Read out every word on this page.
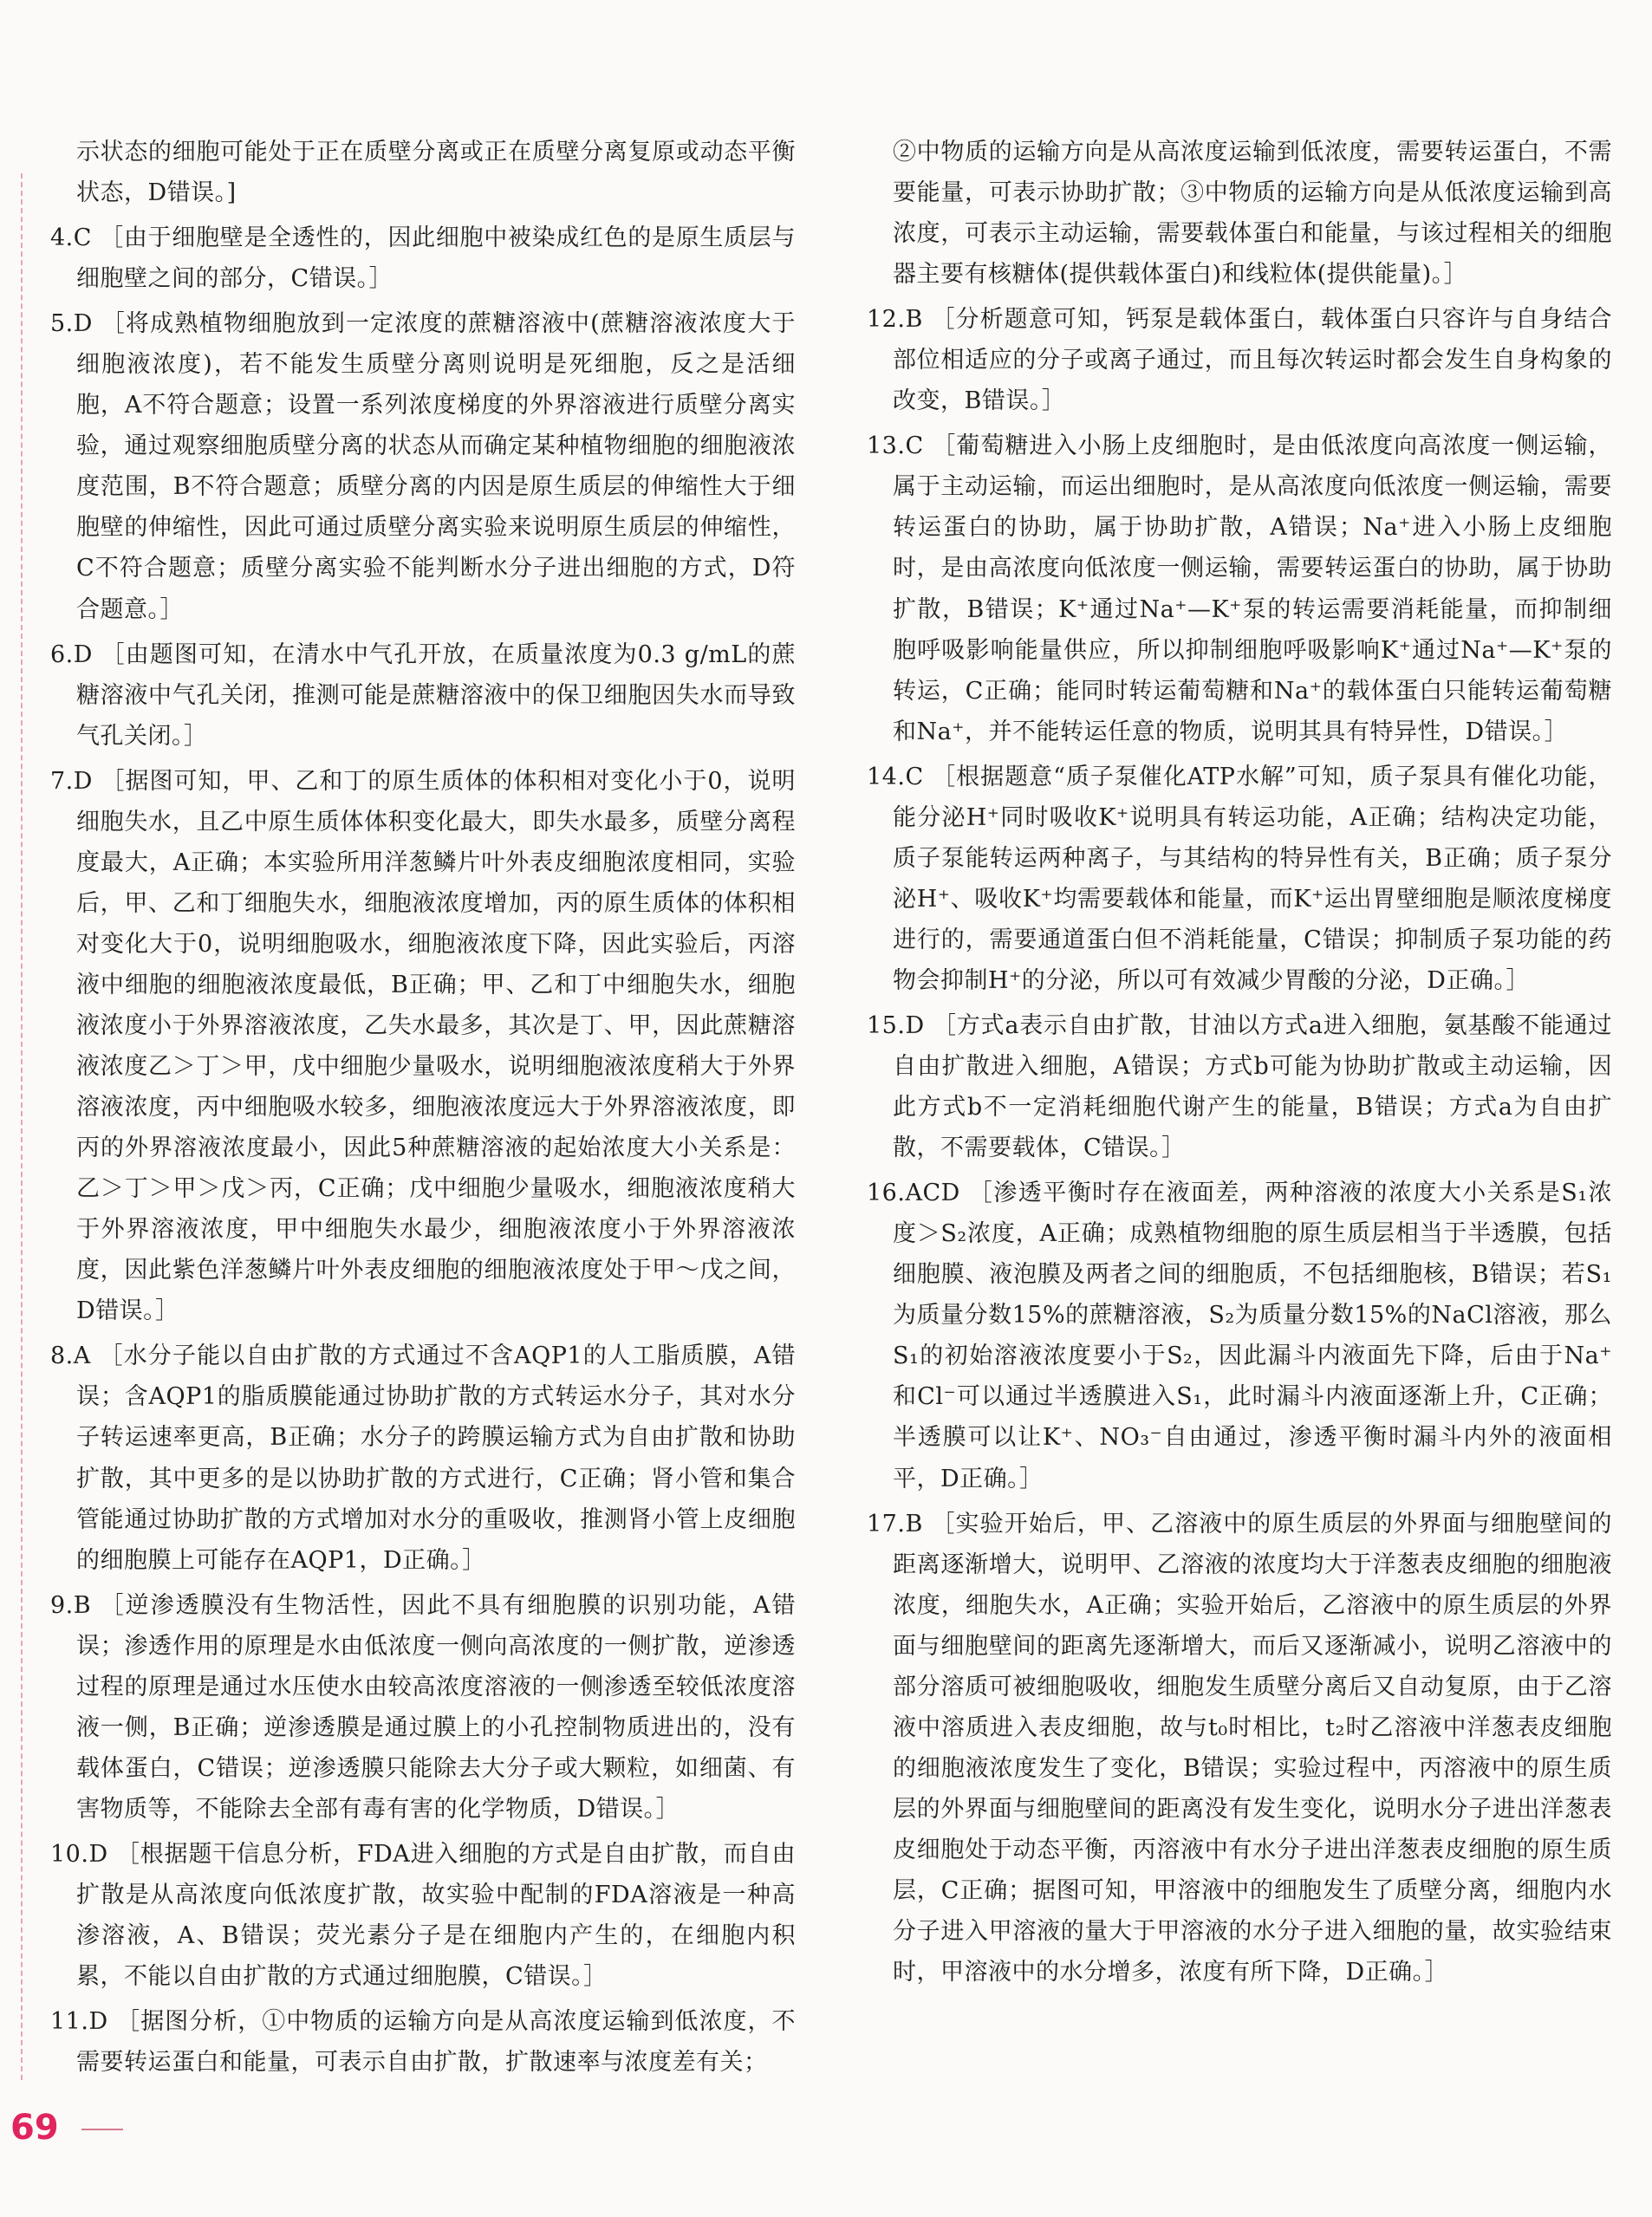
示状态的细胞可能处于正在质壁分离或正在质壁分离复原或动态平衡状态，D错误。]

4.C ［由于细胞壁是全透性的，因此细胞中被染成红色的是原生质层与细胞壁之间的部分，C错误。］

5.D ［将成熟植物细胞放到一定浓度的蔗糖溶液中(蔗糖溶液浓度大于细胞液浓度)，若不能发生质壁分离则说明是死细胞，反之是活细胞，A不符合题意；设置一系列浓度梯度的外界溶液进行质壁分离实验，通过观察细胞质壁分离的状态从而确定某种植物细胞的细胞液浓度范围，B不符合题意；质壁分离的内因是原生质层的伸缩性大于细胞壁的伸缩性，因此可通过质壁分离实验来说明原生质层的伸缩性，C不符合题意；质壁分离实验不能判断水分子进出细胞的方式，D符合题意。］

6.D ［由题图可知，在清水中气孔开放，在质量浓度为0.3 g/mL的蔗糖溶液中气孔关闭，推测可能是蔗糖溶液中的保卫细胞因失水而导致气孔关闭。］

7.D ［据图可知，甲、乙和丁的原生质体的体积相对变化小于0，说明细胞失水，且乙中原生质体体积变化最大，即失水最多，质壁分离程度最大，A正确；本实验所用洋葱鳞片叶外表皮细胞浓度相同，实验后，甲、乙和丁细胞失水，细胞液浓度增加，丙的原生质体的体积相对变化大于0，说明细胞吸水，细胞液浓度下降，因此实验后，丙溶液中细胞的细胞液浓度最低，B正确；甲、乙和丁中细胞失水，细胞液浓度小于外界溶液浓度，乙失水最多，其次是丁、甲，因此蔗糖溶液浓度乙＞丁＞甲，戊中细胞少量吸水，说明细胞液浓度稍大于外界溶液浓度，丙中细胞吸水较多，细胞液浓度远大于外界溶液浓度，即丙的外界溶液浓度最小，因此5种蔗糖溶液的起始浓度大小关系是：乙＞丁＞甲＞戊＞丙，C正确；戊中细胞少量吸水，细胞液浓度稍大于外界溶液浓度，甲中细胞失水最少，细胞液浓度小于外界溶液浓度，因此紫色洋葱鳞片叶外表皮细胞的细胞液浓度处于甲～戊之间，D错误。］

8.A ［水分子能以自由扩散的方式通过不含AQP1的人工脂质膜，A错误；含AQP1的脂质膜能通过协助扩散的方式转运水分子，其对水分子转运速率更高，B正确；水分子的跨膜运输方式为自由扩散和协助扩散，其中更多的是以协助扩散的方式进行，C正确；肾小管和集合管能通过协助扩散的方式增加对水分的重吸收，推测肾小管上皮细胞的细胞膜上可能存在AQP1，D正确。］

9.B ［逆渗透膜没有生物活性，因此不具有细胞膜的识别功能，A错误；渗透作用的原理是水由低浓度一侧向高浓度的一侧扩散，逆渗透过程的原理是通过水压使水由较高浓度溶液的一侧渗透至较低浓度溶液一侧，B正确；逆渗透膜是通过膜上的小孔控制物质进出的，没有载体蛋白，C错误；逆渗透膜只能除去大分子或大颗粒，如细菌、有害物质等，不能除去全部有毒有害的化学物质，D错误。］

10.D ［根据题干信息分析，FDA进入细胞的方式是自由扩散，而自由扩散是从高浓度向低浓度扩散，故实验中配制的FDA溶液是一种高渗溶液，A、B错误；荧光素分子是在细胞内产生的，在细胞内积累，不能以自由扩散的方式通过细胞膜，C错误。］

11.D ［据图分析，①中物质的运输方向是从高浓度运输到低浓度，不需要转运蛋白和能量，可表示自由扩散，扩散速率与浓度差有关；

②中物质的运输方向是从高浓度运输到低浓度，需要转运蛋白，不需要能量，可表示协助扩散；③中物质的运输方向是从低浓度运输到高浓度，可表示主动运输，需要载体蛋白和能量，与该过程相关的细胞器主要有核糖体(提供载体蛋白)和线粒体(提供能量)。］

12.B ［分析题意可知，钙泵是载体蛋白，载体蛋白只容许与自身结合部位相适应的分子或离子通过，而且每次转运时都会发生自身构象的改变，B错误。］

13.C ［葡萄糖进入小肠上皮细胞时，是由低浓度向高浓度一侧运输，属于主动运输，而运出细胞时，是从高浓度向低浓度一侧运输，需要转运蛋白的协助，属于协助扩散，A错误；Na⁺进入小肠上皮细胞时，是由高浓度向低浓度一侧运输，需要转运蛋白的协助，属于协助扩散，B错误；K⁺通过Na⁺—K⁺泵的转运需要消耗能量，而抑制细胞呼吸影响能量供应，所以抑制细胞呼吸影响K⁺通过Na⁺—K⁺泵的转运，C正确；能同时转运葡萄糖和Na⁺的载体蛋白只能转运葡萄糖和Na⁺，并不能转运任意的物质，说明其具有特异性，D错误。］

14.C ［根据题意“质子泵催化ATP水解”可知，质子泵具有催化功能，能分泌H⁺同时吸收K⁺说明具有转运功能，A正确；结构决定功能，质子泵能转运两种离子，与其结构的特异性有关，B正确；质子泵分泌H⁺、吸收K⁺均需要载体和能量，而K⁺运出胃壁细胞是顺浓度梯度进行的，需要通道蛋白但不消耗能量，C错误；抑制质子泵功能的药物会抑制H⁺的分泌，所以可有效减少胃酸的分泌，D正确。］

15.D ［方式a表示自由扩散，甘油以方式a进入细胞，氨基酸不能通过自由扩散进入细胞，A错误；方式b可能为协助扩散或主动运输，因此方式b不一定消耗细胞代谢产生的能量，B错误；方式a为自由扩散，不需要载体，C错误。］

16.ACD ［渗透平衡时存在液面差，两种溶液的浓度大小关系是S₁浓度＞S₂浓度，A正确；成熟植物细胞的原生质层相当于半透膜，包括细胞膜、液泡膜及两者之间的细胞质，不包括细胞核，B错误；若S₁为质量分数15%的蔗糖溶液，S₂为质量分数15%的NaCl溶液，那么S₁的初始溶液浓度要小于S₂，因此漏斗内液面先下降，后由于Na⁺和Cl⁻可以通过半透膜进入S₁，此时漏斗内液面逐渐上升，C正确；半透膜可以让K⁺、NO₃⁻自由通过，渗透平衡时漏斗内外的液面相平，D正确。］

17.B ［实验开始后，甲、乙溶液中的原生质层的外界面与细胞壁间的距离逐渐增大，说明甲、乙溶液的浓度均大于洋葱表皮细胞的细胞液浓度，细胞失水，A正确；实验开始后，乙溶液中的原生质层的外界面与细胞壁间的距离先逐渐增大，而后又逐渐减小，说明乙溶液中的部分溶质可被细胞吸收，细胞发生质壁分离后又自动复原，由于乙溶液中溶质进入表皮细胞，故与t₀时相比，t₂时乙溶液中洋葱表皮细胞的细胞液浓度发生了变化，B错误；实验过程中，丙溶液中的原生质层的外界面与细胞壁间的距离没有发生变化，说明水分子进出洋葱表皮细胞处于动态平衡，丙溶液中有水分子进出洋葱表皮细胞的原生质层，C正确；据图可知，甲溶液中的细胞发生了质壁分离，细胞内水分子进入甲溶液的量大于甲溶液的水分子进入细胞的量，故实验结束时，甲溶液中的水分增多，浓度有所下降，D正确。］

69
